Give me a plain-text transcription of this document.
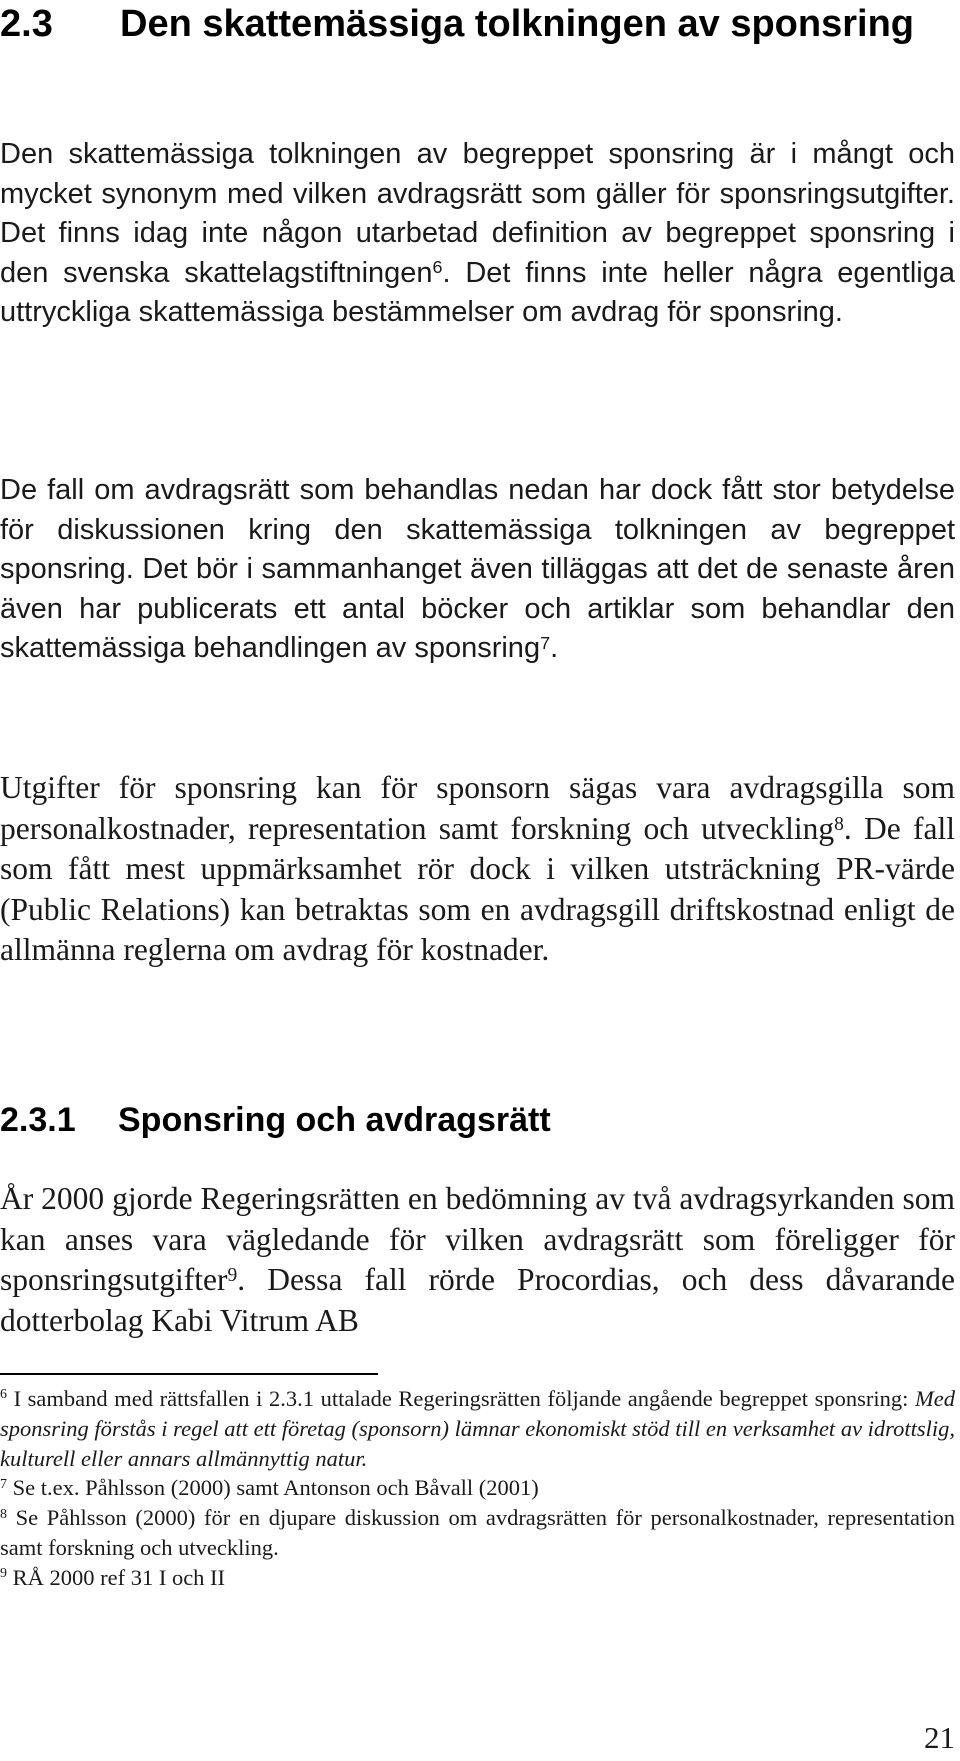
2.3 Den skattemässiga tolkningen av sponsring

Den skattemässiga tolkningen av begreppet sponsring är i mångt och mycket synonym med vilken avdragsrätt som gäller för sponsringsutgifter. Det finns idag inte någon utarbetad definition av begreppet sponsring i den svenska skattelagstiftningen$^6$. Det finns inte heller några egentliga uttryckliga skattemässiga bestämmelser om avdrag för sponsring.

De fall om avdragsrätt som behandlas nedan har dock fått stor betydelse för diskussionen kring den skattemässiga tolkningen av begreppet sponsring. Det bör i sammanhanget även tilläggas att det de senaste åren även har publicerats ett antal böcker och artiklar som behandlar den skattemässiga behandlingen av sponsring$^7$.

Utgifter för sponsring kan för sponsorn sägas vara avdragsgilla som personalkostnader, representation samt forskning och utveckling$^8$. De fall som fått mest uppmärksamhet rör dock i vilken utsträckning PR-värde (Public Relations) kan betraktas som en avdragsgill driftskostnad enligt de allmänna reglerna om avdrag för kostnader.

2.3.1 Sponsring och avdragsrätt

År 2000 gjorde Regeringsrätten en bedömning av två avdragsyrkanden som kan anses vara vägledande för vilken avdragsrätt som föreligger för sponsringsutgifter$^9$. Dessa fall rörde Procordias, och dess dåvarande dotterbolag Kabi Vitrum AB

$^6$ I samband med rättsfallen i 2.3.1 uttalade Regeringsrätten följande angående begreppet sponsring: Med sponsring förstås i regel att ett företag (sponsorn) lämnar ekonomiskt stöd till en verksamhet av idrottslig, kulturell eller annars allmännyttig natur.
$^7$ Se t.ex. Påhlsson (2000) samt Antonson och Båvall (2001)
$^8$ Se Påhlsson (2000) för en djupare diskussion om avdragsrätten för personalkostnader, representation samt forskning och utveckling.
$^9$ RÅ 2000 ref 31 I och II
21
